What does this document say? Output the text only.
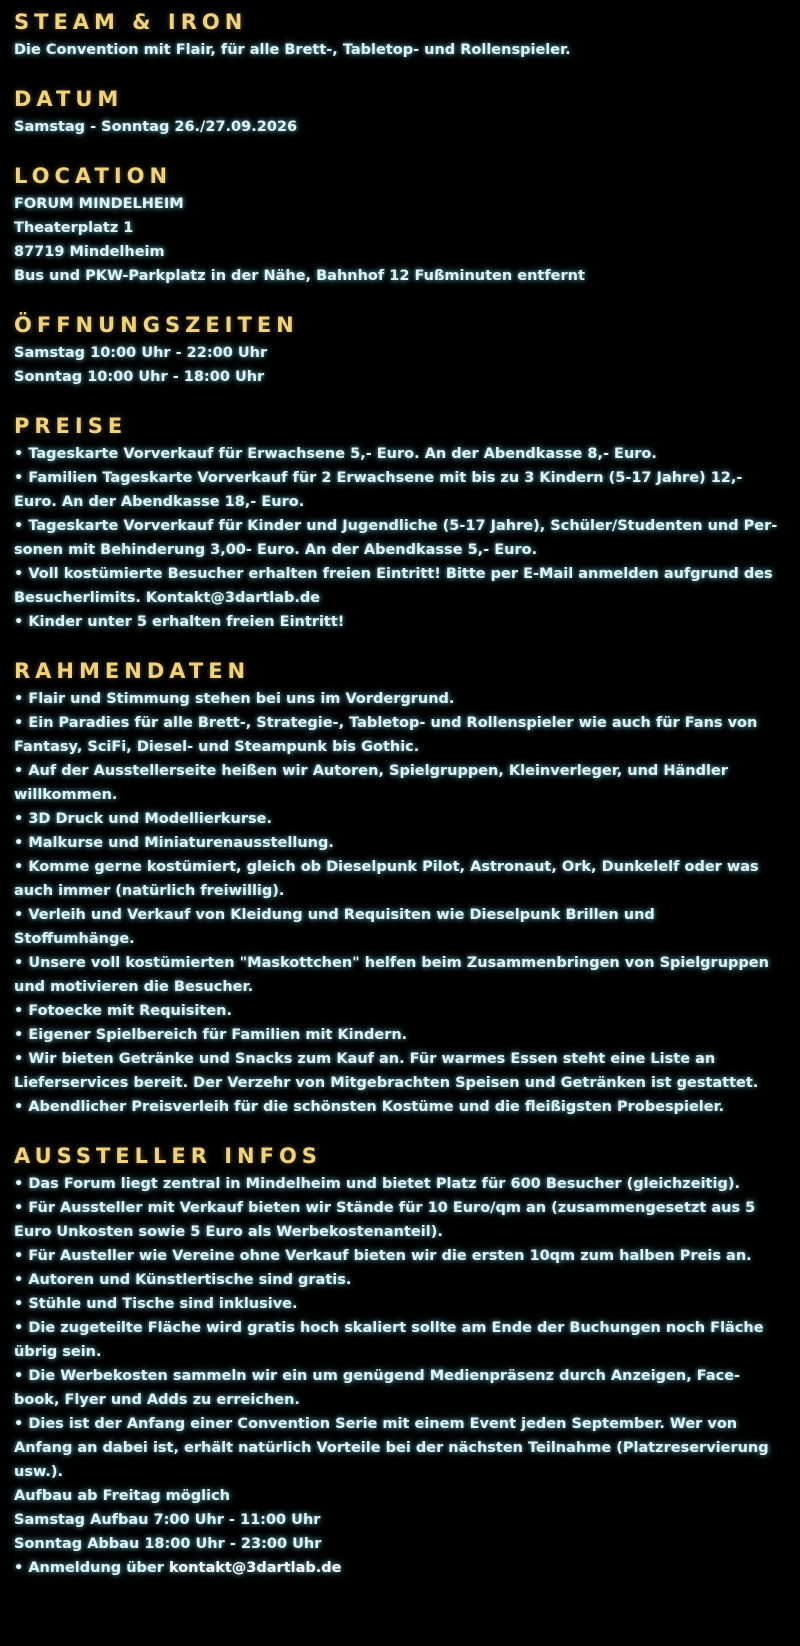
STEAM & IRON

Die Convention mit Flair, für alle Brett-, Tabletop- und Rollenspieler.

DATUM

Samstag - Sonntag 26./27.09.2026

LOCATION

FORUM MINDELHEIM

Theaterplatz 1

87719 Mindelheim

Bus und PKW-Parkplatz in der Nähe, Bahnhof 12 Fußminuten entfernt

ÖFFNUNGSZEITEN

Samstag 10:00 Uhr - 22:00 Uhr

Sonntag 10:00 Uhr - 18:00 Uhr

PREISE

• Tageskarte Vorverkauf für Erwachsene 5,- Euro. An der Abendkasse 8,- Euro.

• Familien Tageskarte Vorverkauf für 2 Erwachsene mit bis zu 3 Kindern (5-17 Jahre) 12,-

Euro. An der Abendkasse 18,- Euro.

• Tageskarte Vorverkauf für Kinder und Jugendliche (5-17 Jahre), Schüler/Studenten und Per-

sonen mit Behinderung 3,00- Euro. An der Abendkasse 5,- Euro.

• Voll kostümierte Besucher erhalten freien Eintritt! Bitte per E-Mail anmelden aufgrund des

Besucherlimits. Kontakt@3dartlab.de

• Kinder unter 5 erhalten freien Eintritt!

RAHMENDATEN

• Flair und Stimmung stehen bei uns im Vordergrund.

• Ein Paradies für alle Brett-, Strategie-, Tabletop- und Rollenspieler wie auch für Fans von

Fantasy, SciFi, Diesel- und Steampunk bis Gothic.

• Auf der Ausstellerseite heißen wir Autoren, Spielgruppen, Kleinverleger, und Händler

willkommen.

• 3D Druck und Modellierkurse.

• Malkurse und Miniaturenausstellung.

• Komme gerne kostümiert, gleich ob Dieselpunk Pilot, Astronaut, Ork, Dunkelelf oder was

auch immer (natürlich freiwillig).

• Verleih und Verkauf von Kleidung und Requisiten wie Dieselpunk Brillen und

Stoffumhänge.

• Unsere voll kostümierten "Maskottchen" helfen beim Zusammenbringen von Spielgruppen

und motivieren die Besucher.

• Fotoecke mit Requisiten.

• Eigener Spielbereich für Familien mit Kindern.

• Wir bieten Getränke und Snacks zum Kauf an. Für warmes Essen steht eine Liste an

Lieferservices bereit. Der Verzehr von Mitgebrachten Speisen und Getränken ist gestattet.

• Abendlicher Preisverleih für die schönsten Kostüme und die fleißigsten Probespieler.

AUSSTELLER INFOS

• Das Forum liegt zentral in Mindelheim und bietet Platz für 600 Besucher (gleichzeitig).

• Für Aussteller mit Verkauf bieten wir Stände für 10 Euro/qm an (zusammengesetzt aus 5

Euro Unkosten sowie 5 Euro als Werbekostenanteil).

• Für Austeller wie Vereine ohne Verkauf bieten wir die ersten 10qm zum halben Preis an.

• Autoren und Künstlertische sind gratis.

• Stühle und Tische sind inklusive.

• Die zugeteilte Fläche wird gratis hoch skaliert sollte am Ende der Buchungen noch Fläche

übrig sein.

• Die Werbekosten sammeln wir ein um genügend Medienpräsenz durch Anzeigen, Face-

book, Flyer und Adds zu erreichen.

• Dies ist der Anfang einer Convention Serie mit einem Event jeden September. Wer von

Anfang an dabei ist, erhält natürlich Vorteile bei der nächsten Teilnahme (Platzreservierung

usw.).

Aufbau ab Freitag möglich

Samstag Aufbau 7:00 Uhr - 11:00 Uhr

Sonntag Abbau 18:00 Uhr - 23:00 Uhr

• Anmeldung über kontakt@3dartlab.de
